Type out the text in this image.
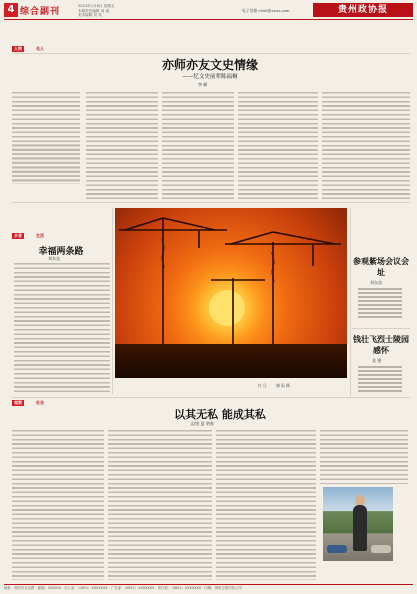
4 综合副刊
2023年1月6日 星期五
本版责任编辑 周 凌
美术编辑 刘 英
电子信箱 chuli@xxxx.com	贵州政协报
人物	名人
亦师亦友文史情缘
——忆文史前辈陈福桐
李 峰
乡音	生活
幸福两条路
刘东良
红 日 谢 雨 摄
参观紫场会议会址
刘东良
钱壮飞烈士陵园感怀
张 建
观察	社会
以其无私 能成其私
文/图 夏 明春
地址：贵阳市北京路 · 邮编：550004 · 办公室：（0851）XXXXXXX · 广告部：（0851）XXXXXXX · 发行部：（0851）XXXXXXX · 印刷：贵州日报印务公司
